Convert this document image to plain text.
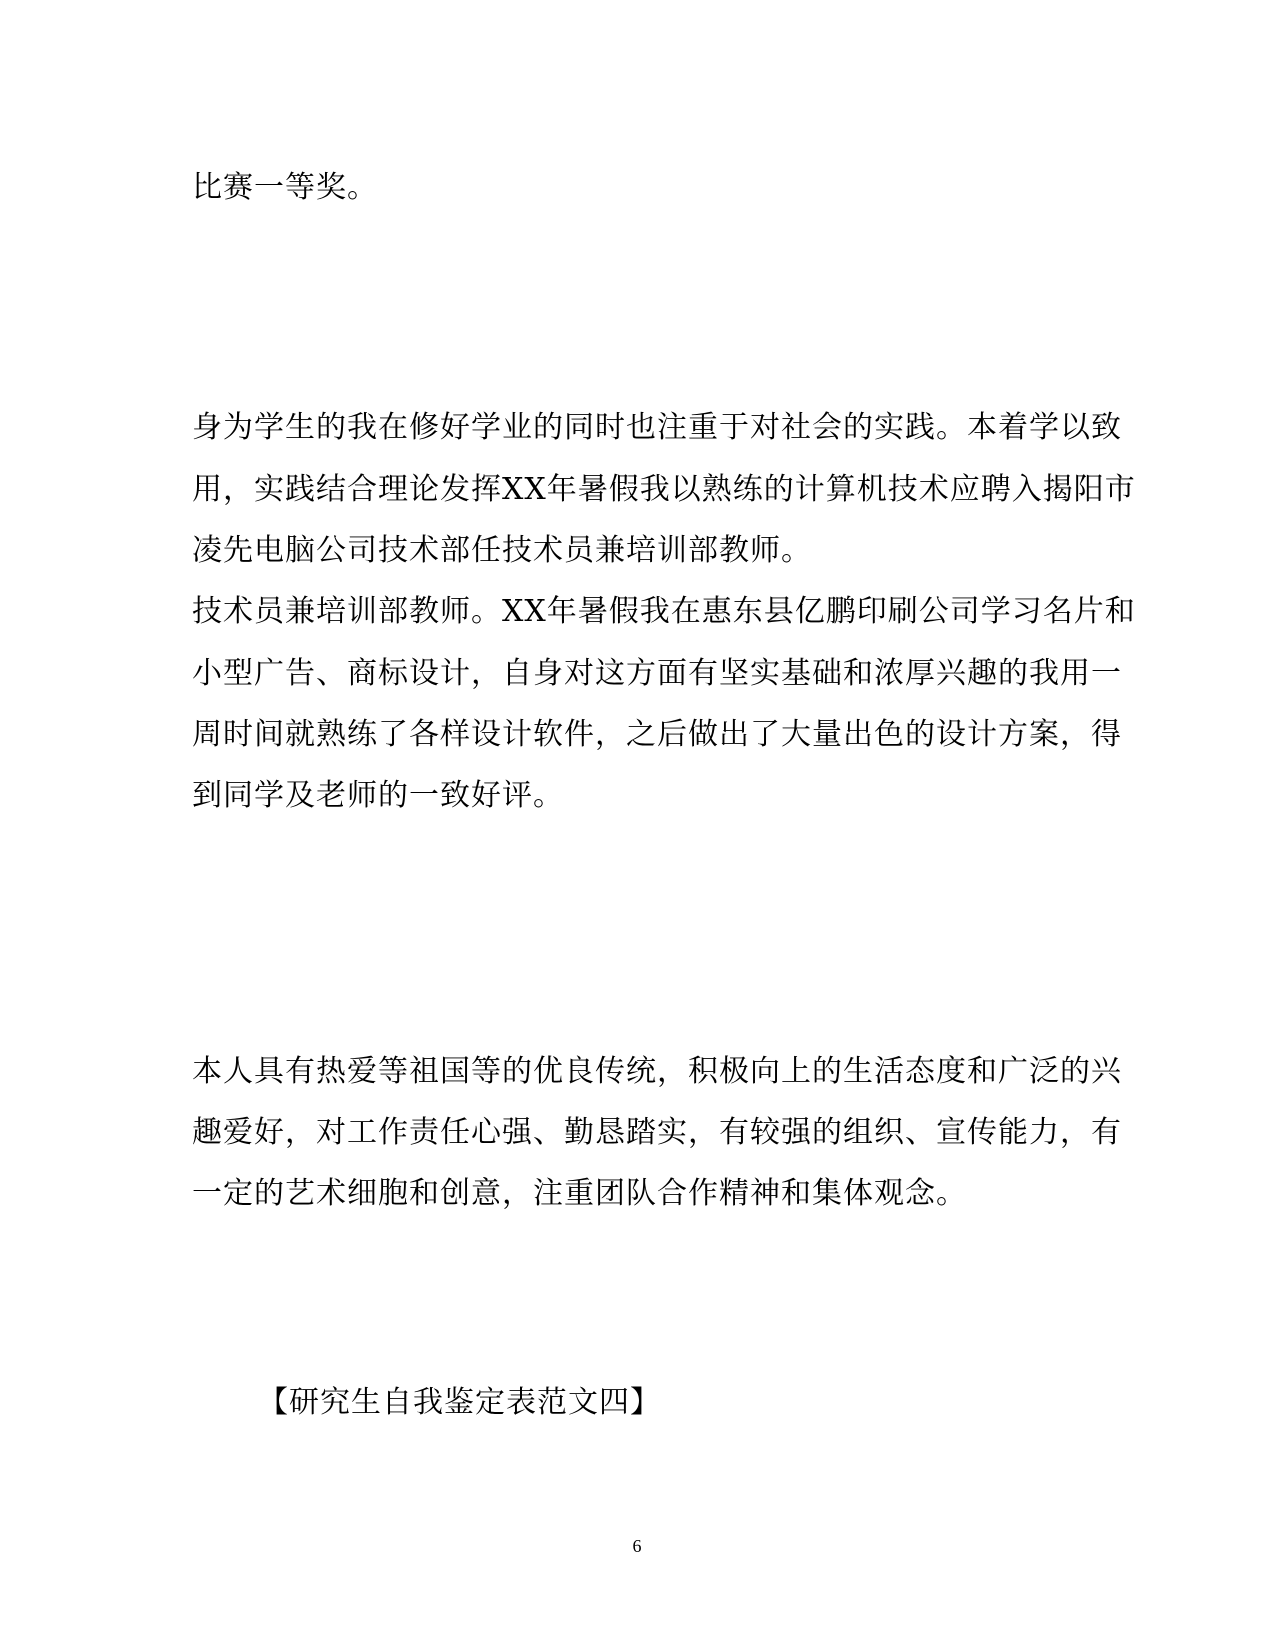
比赛一等奖。
身为学生的我在修好学业的同时也注重于对社会的实践。本着学以致
用，实践结合理论发挥XX年暑假我以熟练的计算机技术应聘入揭阳市
凌先电脑公司技术部任技术员兼培训部教师。
技术员兼培训部教师。XX年暑假我在惠东县亿鹏印刷公司学习名片和
小型广告、商标设计，自身对这方面有坚实基础和浓厚兴趣的我用一
周时间就熟练了各样设计软件，之后做出了大量出色的设计方案，得
到同学及老师的一致好评。
本人具有热爱等祖国等的优良传统，积极向上的生活态度和广泛的兴
趣爱好，对工作责任心强、勤恳踏实，有较强的组织、宣传能力，有
一定的艺术细胞和创意，注重团队合作精神和集体观念。
【研究生自我鉴定表范文四】
6
